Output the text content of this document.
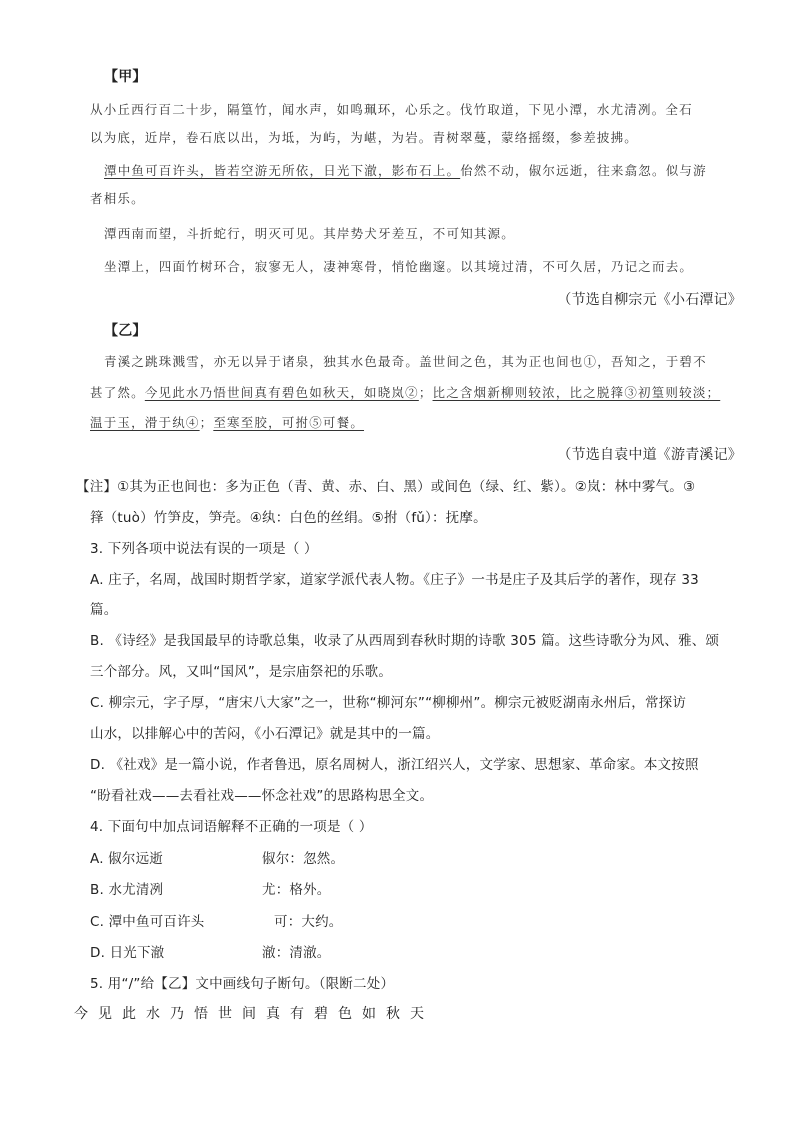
【甲】
从小丘西行百二十步，隔篁竹，闻水声，如鸣珮环，心乐之。伐竹取道，下见小潭，水尤清冽。全石
以为底，近岸，卷石底以出，为坻，为屿，为嵁，为岩。青树翠蔓，蒙络摇缀，参差披拂。
潭中鱼可百许头，皆若空游无所依，日光下澈，影布石上。佁然不动，俶尔远逝，往来翕忽。似与游
者相乐。
潭西南而望，斗折蛇行，明灭可见。其岸势犬牙差互，不可知其源。
坐潭上，四面竹树环合，寂寥无人，凄神寒骨，悄怆幽邃。以其境过清，不可久居，乃记之而去。
（节选自柳宗元《小石潭记》
【乙】
青溪之跳珠溅雪，亦无以异于诸泉，独其水色最奇。盖世间之色，其为正也间也①，吾知之，于碧不
甚了然。今见此水乃悟世间真有碧色如秋天，如晓岚②；比之含烟新柳则较浓，比之脱箨③初篁则较淡；
温于玉，滑于纨④；至寒至胶，可拊⑤可餐。
（节选自袁中道《游青溪记》
【注】①其为正也间也：多为正色（青、黄、赤、白、黑）或间色（绿、红、紫）。②岚：林中雾气。③
箨（tuò）竹笋皮，笋壳。④纨：白色的丝绢。⑤拊（fǔ）：抚摩。
3. 下列各项中说法有误的一项是（ ）
A. 庄子，名周，战国时期哲学家，道家学派代表人物。《庄子》一书是庄子及其后学的著作，现存 33
篇。
B. 《诗经》是我国最早的诗歌总集，收录了从西周到春秋时期的诗歌 305 篇。这些诗歌分为风、雅、颂
三个部分。风，又叫“国风”，是宗庙祭祀的乐歌。
C. 柳宗元，字子厚，“唐宋八大家”之一，世称“柳河东”“柳柳州”。柳宗元被贬湖南永州后，常探访
山水，以排解心中的苦闷，《小石潭记》就是其中的一篇。
D. 《社戏》是一篇小说，作者鲁迅，原名周树人，浙江绍兴人，文学家、思想家、革命家。本文按照
“盼看社戏——去看社戏——怀念社戏”的思路构思全文。
4. 下面句中加点词语解释不正确的一项是（ ）
A. 俶尔远逝	俶尔：忽然。
B. 水尤清冽	尤：格外。
C. 潭中鱼可百许头	可：大约。
D. 日光下澈	澈：清澈。
5. 用“/”给【乙】文中画线句子断句。（限断二处）
今见此水乃悟世间真有碧色如秋天
